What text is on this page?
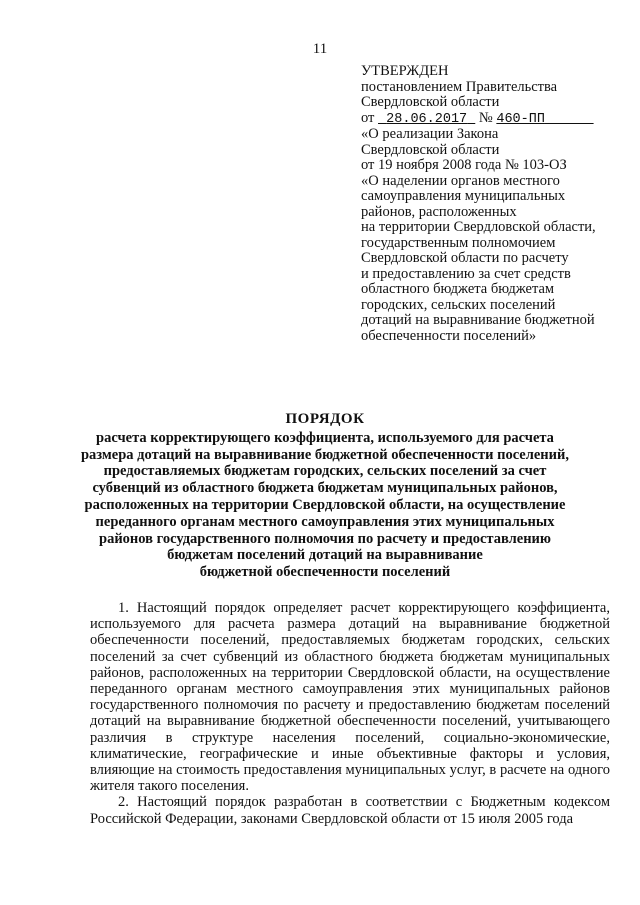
11
УТВЕРЖДЕН
постановлением Правительства
Свердловской области
от 28.06.2017 № 460-ПП
«О реализации Закона
Свердловской области
от 19 ноября 2008 года № 103-ОЗ
«О наделении органов местного
самоуправления муниципальных
районов, расположенных
на территории Свердловской области,
государственным полномочием
Свердловской области по расчету
и предоставлению за счет средств
областного бюджета бюджетам
городских, сельских поселений
дотаций на выравнивание бюджетной
обеспеченности поселений»
ПОРЯДОК
расчета корректирующего коэффициента, используемого для расчета
размера дотаций на выравнивание бюджетной обеспеченности поселений,
предоставляемых бюджетам городских, сельских поселений за счет
субвенций из областного бюджета бюджетам муниципальных районов,
расположенных на территории Свердловской области, на осуществление
переданного органам местного самоуправления этих муниципальных
районов государственного полномочия по расчету и предоставлению
бюджетам поселений дотаций на выравнивание
бюджетной обеспеченности поселений

1. Настоящий порядок определяет расчет корректирующего коэффициента, используемого для расчета размера дотаций на выравнивание бюджетной обеспеченности поселений, предоставляемых бюджетам городских, сельских поселений за счет субвенций из областного бюджета бюджетам муниципальных районов, расположенных на территории Свердловской области, на осуществление переданного органам местного самоуправления этих муниципальных районов государственного полномочия по расчету и предоставлению бюджетам поселений дотаций на выравнивание бюджетной обеспеченности поселений, учитывающего различия в структуре населения поселений, социально-экономические, климатические, географические и иные объективные факторы и условия, влияющие на стоимость предоставления муниципальных услуг, в расчете на одного жителя такого поселения.

2. Настоящий порядок разработан в соответствии с Бюджетным кодексом Российской Федерации, законами Свердловской области от 15 июля 2005 года
